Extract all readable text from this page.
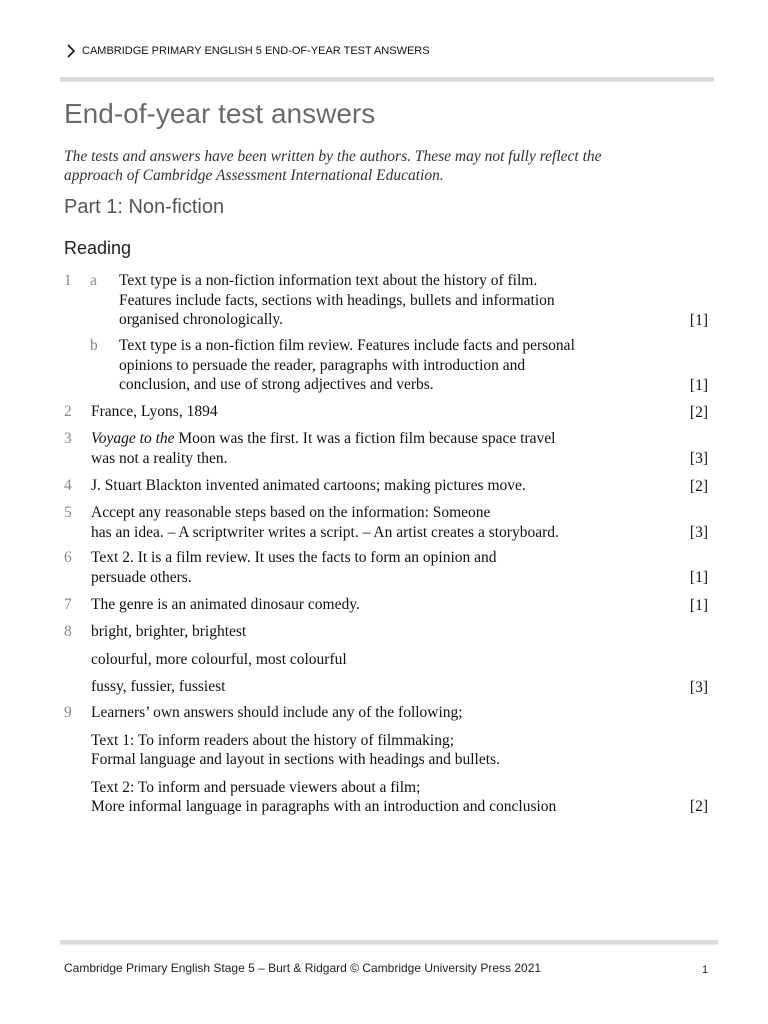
CAMBRIDGE PRIMARY ENGLISH 5 END-OF-YEAR TEST ANSWERS
End-of-year test answers

The tests and answers have been written by the authors. These may not fully reflect the
approach of Cambridge Assessment International Education.

Part 1: Non-fiction
Reading
1 a Text type is a non-fiction information text about the history of film.
Features include facts, sections with headings, bullets and information
organised chronologically.	[1]
b Text type is a non-fiction film review. Features include facts and personal
opinions to persuade the reader, paragraphs with introduction and
conclusion, and use of strong adjectives and verbs.	[1]
2 France, Lyons, 1894	[2]
3 Voyage to the Moon was the first. It was a fiction film because space travel
was not a reality then.	[3]
4 J. Stuart Blackton invented animated cartoons; making pictures move.	[2]
5 Accept any reasonable steps based on the information: Someone
has an idea. – A scriptwriter writes a script. – An artist creates a storyboard.	[3]
6 Text 2. It is a film review. It uses the facts to form an opinion and
persuade others.	[1]
7 The genre is an animated dinosaur comedy.	[1]
8 bright, brighter, brightest
colourful, more colourful, most colourful
fussy, fussier, fussiest	[3]
9 Learners’ own answers should include any of the following;
Text 1: To inform readers about the history of filmmaking;
Formal language and layout in sections with headings and bullets.
Text 2: To inform and persuade viewers about a film;
More informal language in paragraphs with an introduction and conclusion	[2]
Cambridge Primary English Stage 5 – Burt & Ridgard © Cambridge University Press 2021	1
